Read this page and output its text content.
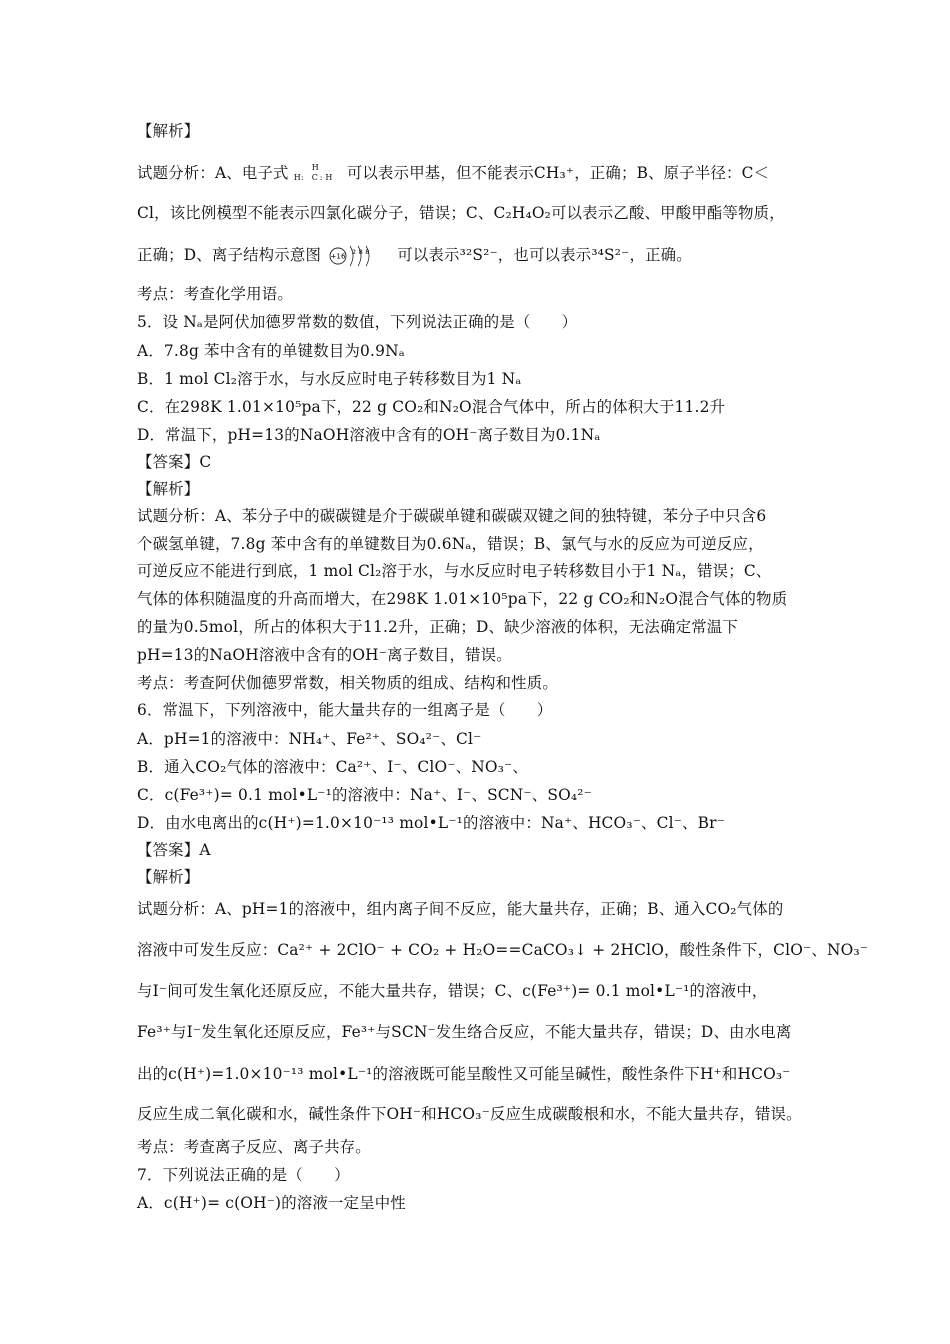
【解析】
试题分析：A、电子式	H
H: C : H 可以表示甲基，但不能表示CH₃⁺，正确；B、原子半径：C＜
Cl，该比例模型不能表示四氯化碳分子，错误；C、C₂H₄O₂可以表示乙酸、甲酸甲酯等物质，
正确；D、离子结构示意图 +16
2 8 8 可以表示³²S²⁻，也可以表示³⁴S²⁻，正确。
考点：考查化学用语。
5．设 Nₐ是阿伏加德罗常数的数值，下列说法正确的是（　　）
A．7.8g 苯中含有的单键数目为0.9Nₐ
B．1 mol Cl₂溶于水，与水反应时电子转移数目为1 Nₐ
C．在298K 1.01×10⁵pa下，22 g CO₂和N₂O混合气体中，所占的体积大于11.2升
D．常温下，pH=13的NaOH溶液中含有的OH⁻离子数目为0.1Nₐ
【答案】C
【解析】
试题分析：A、苯分子中的碳碳键是介于碳碳单键和碳碳双键之间的独特键，苯分子中只含6
个碳氢单键，7.8g 苯中含有的单键数目为0.6Nₐ，错误；B、氯气与水的反应为可逆反应，
可逆反应不能进行到底，1 mol Cl₂溶于水，与水反应时电子转移数目小于1 Nₐ，错误；C、
气体的体积随温度的升高而增大，在298K 1.01×10⁵pa下，22 g CO₂和N₂O混合气体的物质
的量为0.5mol，所占的体积大于11.2升，正确；D、缺少溶液的体积，无法确定常温下
pH=13的NaOH溶液中含有的OH⁻离子数目，错误。
考点：考查阿伏伽德罗常数，相关物质的组成、结构和性质。
6．常温下，下列溶液中，能大量共存的一组离子是（　　）
A．pH=1的溶液中：NH₄⁺、Fe²⁺、SO₄²⁻、Cl⁻
B．通入CO₂气体的溶液中：Ca²⁺、I⁻、ClO⁻、NO₃⁻、
C．c(Fe³⁺)= 0.1 mol•L⁻¹的溶液中：Na⁺、I⁻、SCN⁻、SO₄²⁻
D．由水电离出的c(H⁺)=1.0×10⁻¹³ mol•L⁻¹的溶液中：Na⁺、HCO₃⁻、Cl⁻、Br⁻
【答案】A
【解析】
试题分析：A、pH=1的溶液中，组内离子间不反应，能大量共存，正确；B、通入CO₂气体的
溶液中可发生反应：Ca²⁺ + 2ClO⁻ + CO₂ + H₂O==CaCO₃↓ + 2HClO，酸性条件下，ClO⁻、NO₃⁻
与I⁻间可发生氧化还原反应，不能大量共存，错误；C、c(Fe³⁺)= 0.1 mol•L⁻¹的溶液中，
Fe³⁺与I⁻发生氧化还原反应，Fe³⁺与SCN⁻发生络合反应，不能大量共存，错误；D、由水电离
出的c(H⁺)=1.0×10⁻¹³ mol•L⁻¹的溶液既可能呈酸性又可能呈碱性，酸性条件下H⁺和HCO₃⁻
反应生成二氧化碳和水，碱性条件下OH⁻和HCO₃⁻反应生成碳酸根和水，不能大量共存，错误。
考点：考查离子反应、离子共存。
7．下列说法正确的是（　　）
A．c(H⁺)= c(OH⁻)的溶液一定呈中性
